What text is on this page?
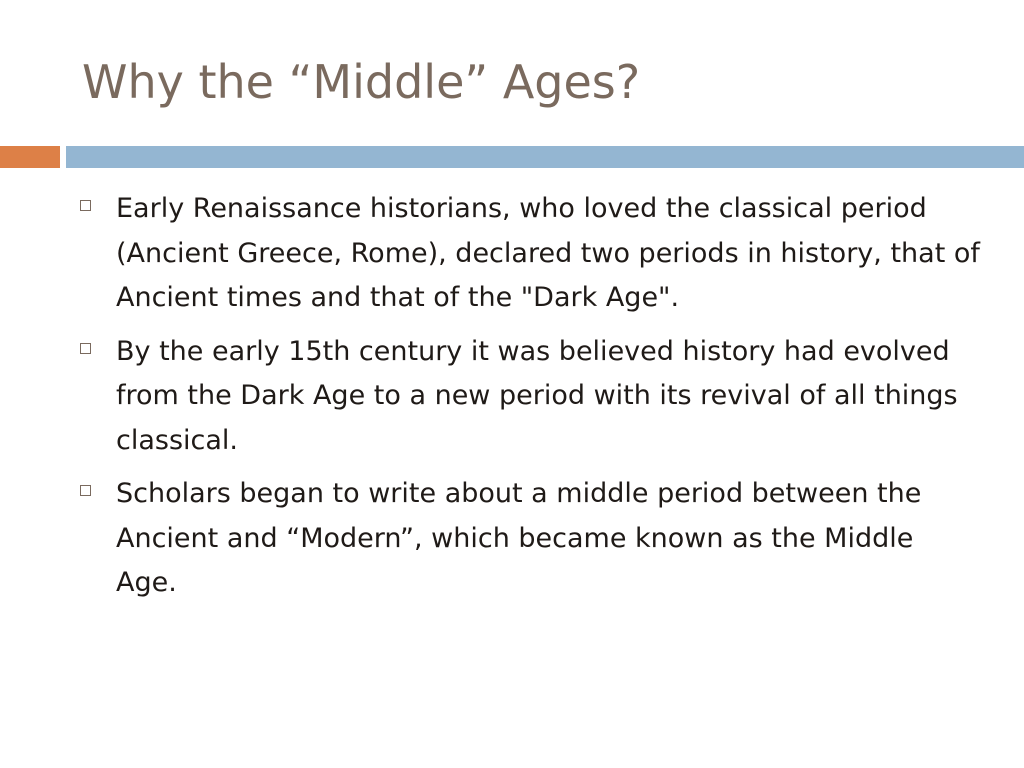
Why the “Middle” Ages?
Early Renaissance historians, who loved the classical period (Ancient Greece, Rome), declared two periods in history, that of Ancient times and that of the "Dark Age".
By the early 15th century it was believed history had evolved from the Dark Age to a new period with its revival of all things classical.
Scholars began to write about a middle period between the Ancient and “Modern”, which became known as the Middle Age.
